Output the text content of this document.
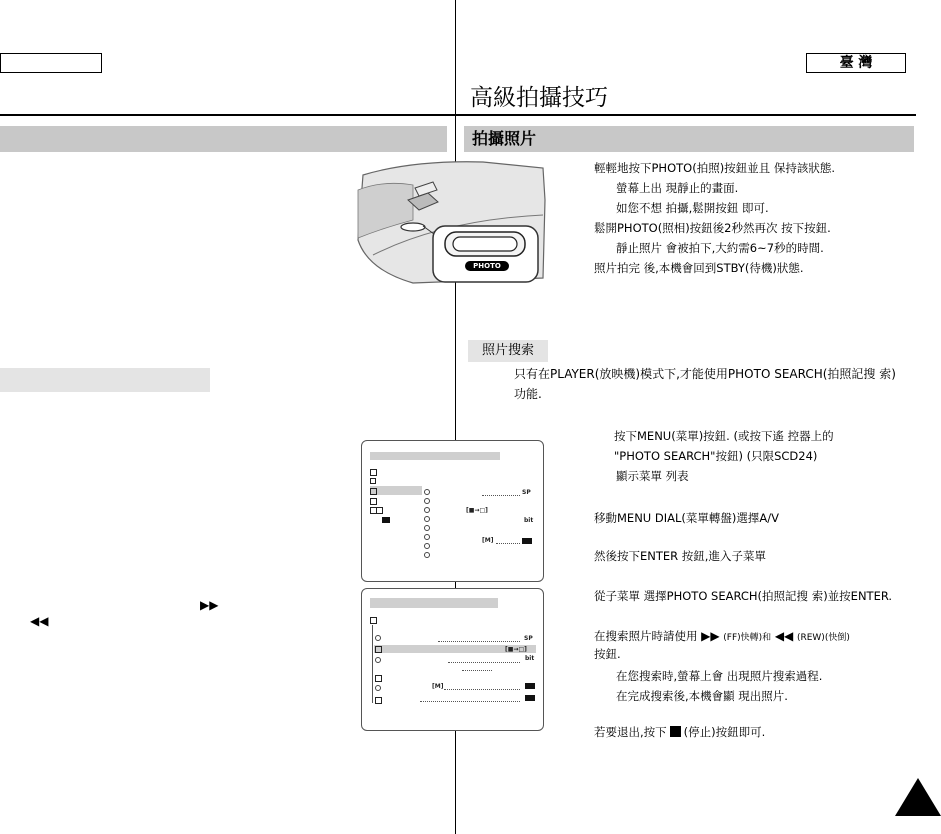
臺 灣
高級拍攝技巧
拍攝照片
PHOTO
輕輕地按下PHOTO(拍照)按鈕並且 保持該狀態.
螢幕上出 現靜止的畫面.
如您不想 拍攝,鬆開按鈕 即可.
鬆開PHOTO(照相)按鈕後2秒然再次 按下按鈕.
靜止照片 會被拍下,大約需6~7秒的時間.
照片拍完 後,本機會回到STBY(待機)狀態.
照片搜索
只有在PLAYER(放映機)模式下,才能使用PHOTO SEARCH(拍照記搜 索)
功能.
按下MENU(菜單)按鈕. (或按下遙 控器上的
"PHOTO SEARCH"按鈕) (只限SCD24)
顯示菜單 列表
移動MENU DIAL(菜單轉盤)選擇A/V
然後按下ENTER 按鈕,進入子菜單
從子菜單 選擇PHOTO SEARCH(拍照記搜 索)並按ENTER.
在搜索照片時請使用 ▶▶ (FF)快轉)和 ◀◀ (REW)(快倒)
按鈕.
在您搜索時,螢幕上會 出現照片搜索過程.
在完成搜索後,本機會顯 現出照片.
若要退出,按下 (停止)按鈕即可.
▶▶
◀◀
SP
[■→□]
bit
[M]
SP
[■→□]
bit
[M]
